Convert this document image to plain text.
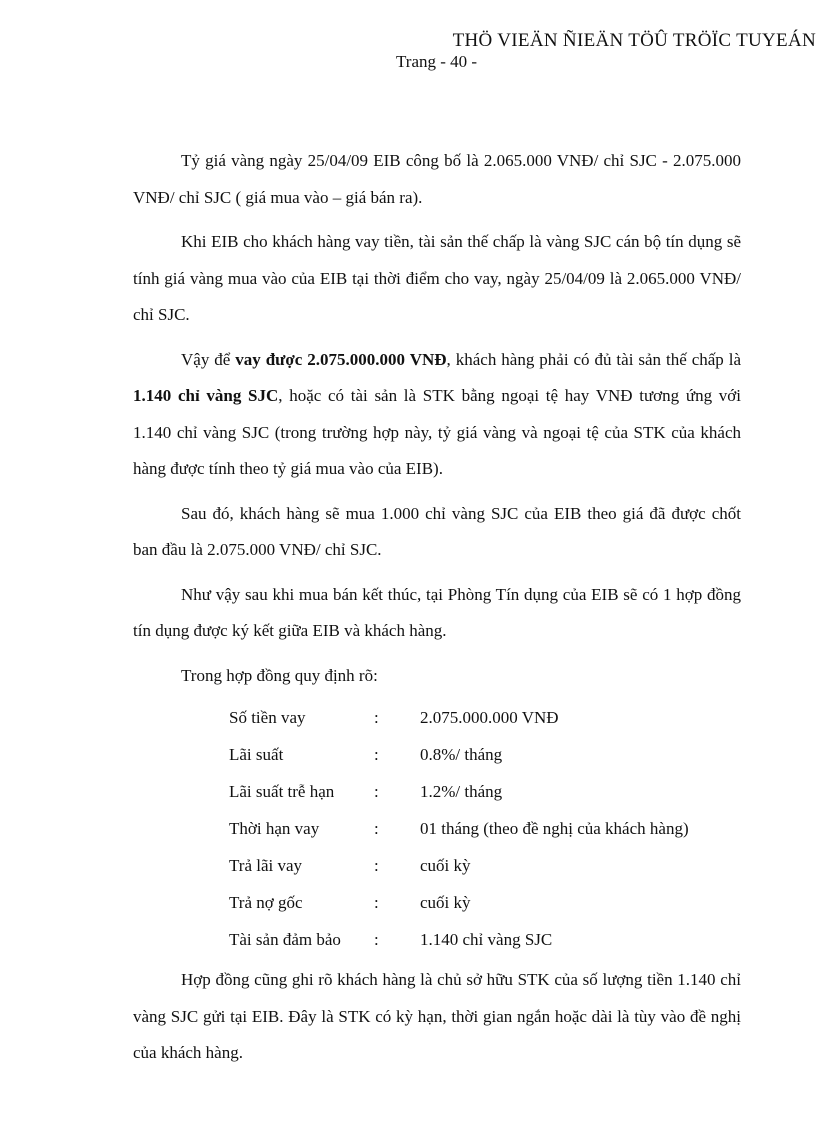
THÖ VIEÄN ÑIEÄN TÖÛ TRÖÏC TUYEÁN
Trang - 40 -

Tỷ giá vàng ngày 25/04/09 EIB công bố là 2.065.000 VNĐ/ chỉ SJC - 2.075.000 VNĐ/ chỉ SJC ( giá mua vào – giá bán ra).

Khi EIB cho khách hàng vay tiền, tài sản thế chấp là vàng SJC cán bộ tín dụng sẽ tính giá vàng mua vào của EIB tại thời điểm cho vay, ngày 25/04/09 là 2.065.000 VNĐ/ chỉ SJC.

Vậy để vay được 2.075.000.000 VNĐ, khách hàng phải có đủ tài sản thế chấp là 1.140 chỉ vàng SJC, hoặc có tài sản là STK bằng ngoại tệ hay VNĐ tương ứng với 1.140 chỉ vàng SJC (trong trường hợp này, tỷ giá vàng và ngoại tệ của STK của khách hàng được tính theo tỷ giá mua vào của EIB).

Sau đó, khách hàng sẽ mua 1.000 chỉ vàng SJC của EIB theo giá đã được chốt ban đầu là 2.075.000 VNĐ/ chỉ SJC.

Như vậy sau khi mua bán kết thúc, tại Phòng Tín dụng của EIB sẽ có 1 hợp đồng tín dụng được ký kết giữa EIB và khách hàng.

Trong hợp đồng quy định rõ:

Số tiền vay	:	2.075.000.000 VNĐ
Lãi suất	:	0.8%/ tháng
Lãi suất trễ hạn	:	1.2%/ tháng
Thời hạn vay	:	01 tháng (theo đề nghị của khách hàng)
Trả lãi vay	:	cuối kỳ
Trả nợ gốc	:	cuối kỳ
Tài sản đảm bảo	:	1.140 chỉ vàng SJC

Hợp đồng cũng ghi rõ khách hàng là chủ sở hữu STK của số lượng tiền 1.140 chỉ vàng SJC gửi tại EIB. Đây là STK có kỳ hạn, thời gian ngắn hoặc dài là tùy vào đề nghị của khách hàng.
